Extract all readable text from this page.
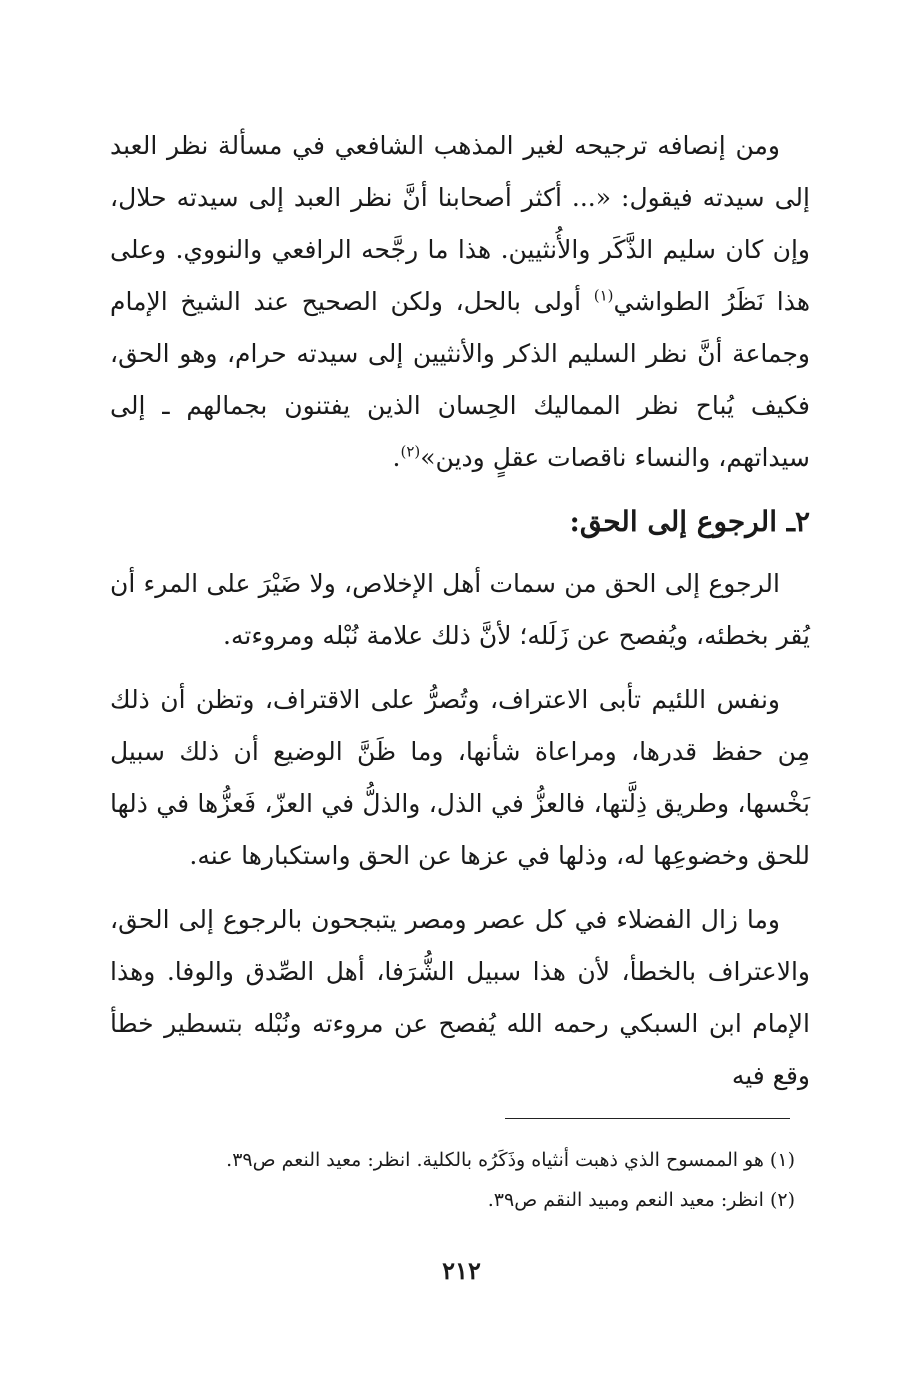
ومن إنصافه ترجيحه لغير المذهب الشافعي في مسألة نظر العبد إلى سيدته فيقول: «... أكثر أصحابنا أنَّ نظر العبد إلى سيدته حلال، وإن كان سليم الذَّكَر والأُنثيين. هذا ما رجَّحه الرافعي والنووي. وعلى هذا نَظَرُ الطواشي$^{(١)}$ أولى بالحل، ولكن الصحيح عند الشيخ الإمام وجماعة أنَّ نظر السليم الذكر والأنثيين إلى سيدته حرام، وهو الحق، فكيف يُباح نظر المماليك الحِسان الذين يفتنون بجمالهم ـ إلى سيداتهم، والنساء ناقصات عقلٍ ودين»$^{(٢)}$.

٢ـ الرجوع إلى الحق:

الرجوع إلى الحق من سمات أهل الإخلاص، ولا ضَيْرَ على المرء أن يُقر بخطئه، ويُفصح عن زَلَله؛ لأنَّ ذلك علامة نُبْله ومروءته.

ونفس اللئيم تأبى الاعتراف، وتُصرُّ على الاقتراف، وتظن أن ذلك مِن حفظ قدرها، ومراعاة شأنها، وما ظَنَّ الوضيع أن ذلك سبيل بَخْسها، وطريق ذِلَّتها، فالعزُّ في الذل، والذلُّ في العزّ، فَعزُّها في ذلها للحق وخضوعِها له، وذلها في عزها عن الحق واستكبارها عنه.

وما زال الفضلاء في كل عصر ومصر يتبجحون بالرجوع إلى الحق، والاعتراف بالخطأ، لأن هذا سبيل الشُّرَفا، أهل الصِّدق والوفا. وهذا الإمام ابن السبكي رحمه الله يُفصح عن مروءته ونُبْله بتسطير خطأ وقع فيه

(١) هو الممسوح الذي ذهبت أنثياه وذَكَرُه بالكلية. انظر: معيد النعم ص٣٩.

(٢) انظر: معيد النعم ومبيد النقم ص٣٩.

٢١٢
